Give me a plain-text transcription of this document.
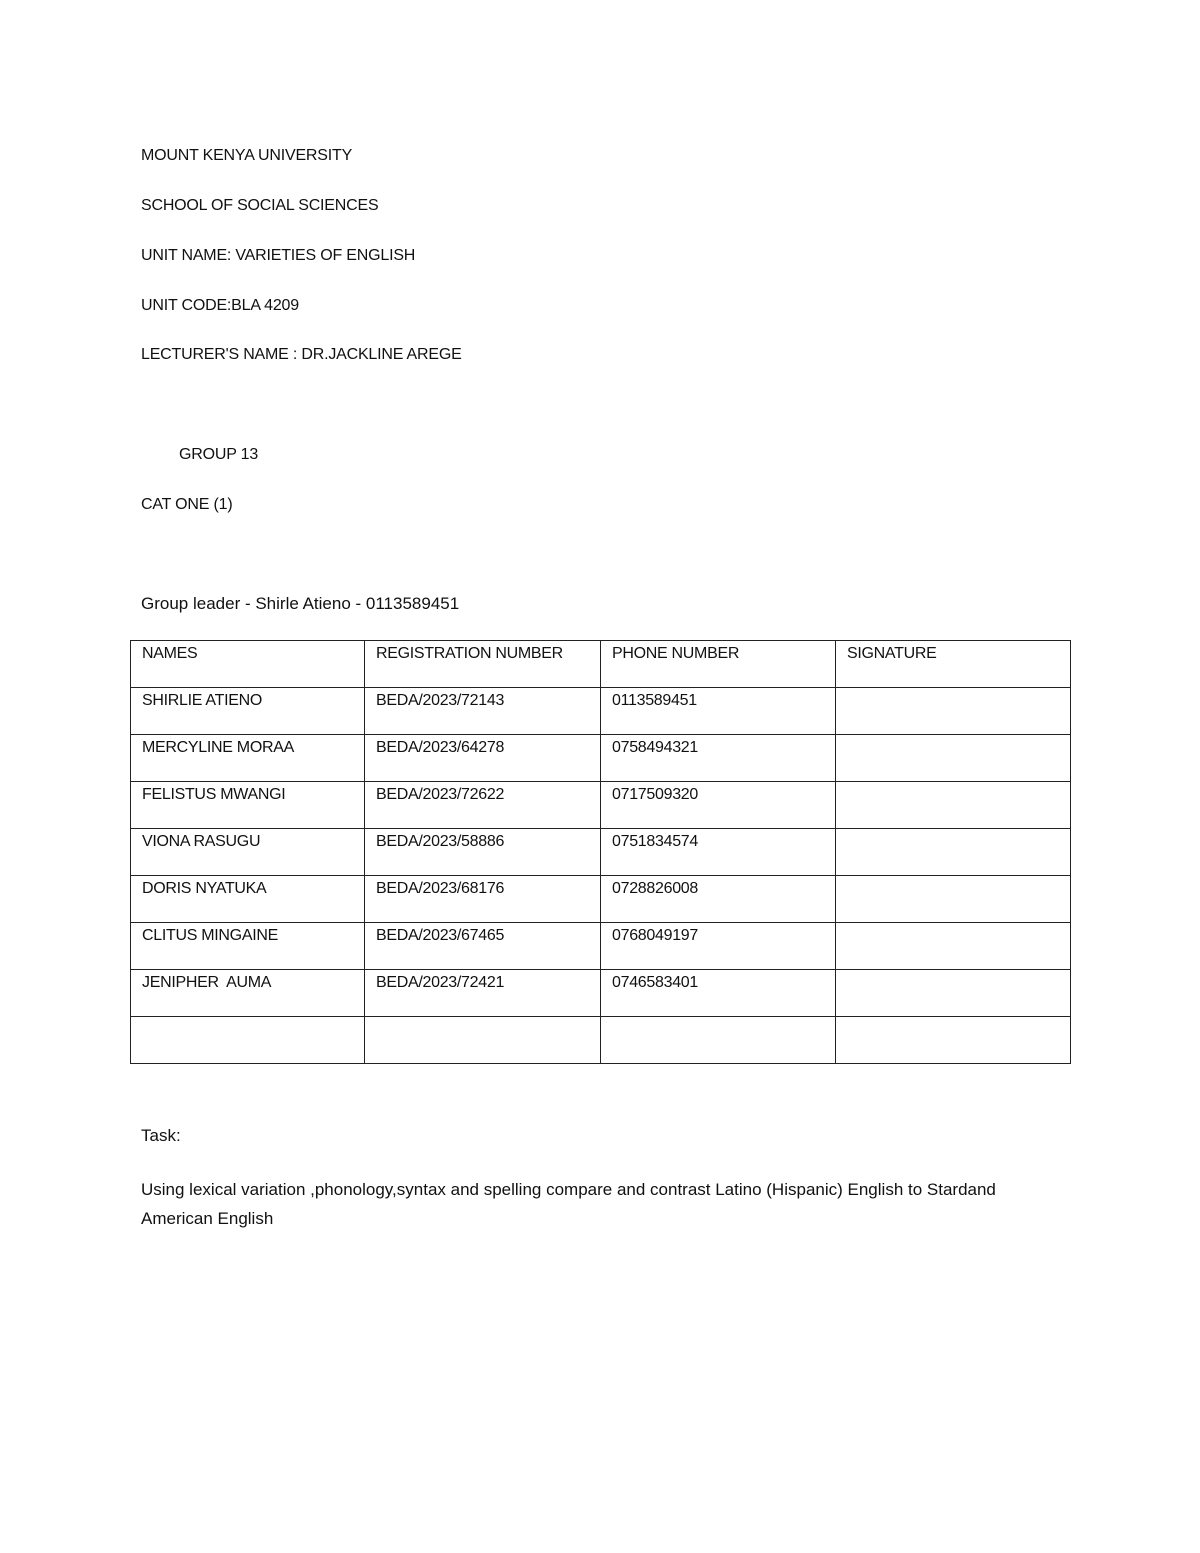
MOUNT KENYA UNIVERSITY
SCHOOL OF SOCIAL SCIENCES
UNIT NAME: VARIETIES OF ENGLISH
UNIT CODE:BLA 4209
LECTURER'S NAME : DR.JACKLINE AREGE
GROUP 13
CAT ONE (1)
Group leader - Shirle Atieno - 0113589451
NAMES	REGISTRATION NUMBER	PHONE NUMBER	SIGNATURE
SHIRLIE ATIENO	BEDA/2023/72143	0113589451	
MERCYLINE MORAA	BEDA/2023/64278	0758494321	
FELISTUS MWANGI	BEDA/2023/72622	0717509320	
VIONA RASUGU	BEDA/2023/58886	0751834574	
DORIS NYATUKA	BEDA/2023/68176	0728826008	
CLITUS MINGAINE	BEDA/2023/67465	0768049197	
JENIPHER  AUMA	BEDA/2023/72421	0746583401	

Task:
Using lexical variation ,phonology,syntax and spelling compare and contrast Latino (Hispanic) English to Stardand American English
